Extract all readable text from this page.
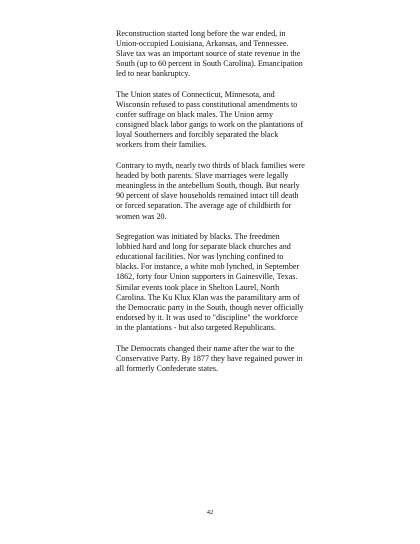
Reconstruction started long before the war ended, in
Union-occupied Louisiana, Arkansas, and Tennessee.
Slave tax was an important source of state revenue in the
South (up to 60 percent in South Carolina). Emancipation
led to near bankruptcy.

The Union states of Connecticut, Minnesota, and
Wisconsin refused to pass constitutional amendments to
confer suffrage on black males. The Union army
consigned black labor gangs to work on the plantations of
loyal Southerners and forcibly separated the black
workers from their families.

Contrary to myth, nearly two thirds of black families were
headed by both parents. Slave marriages were legally
meaningless in the antebellum South, though. But nearly
90 percent of slave households remained intact till death
or forced separation. The average age of childbirth for
women was 20.

Segregation was initiated by blacks. The freedmen
lobbied hard and long for separate black churches and
educational facilities. Nor was lynching confined to
blacks. For instance, a white mob lynched, in September
1862, forty four Union supporters in Gainesville, Texas.
Similar events took place in Shelton Laurel, North
Carolina. The Ku Klux Klan was the paramilitary arm of
the Democratic party in the South, though never officially
endorsed by it. It was used to "discipline" the workforce
in the plantations - but also targeted Republicans.

The Democrats changed their name after the war to the
Conservative Party. By 1877 they have regained power in
all formerly Confederate states.

42
